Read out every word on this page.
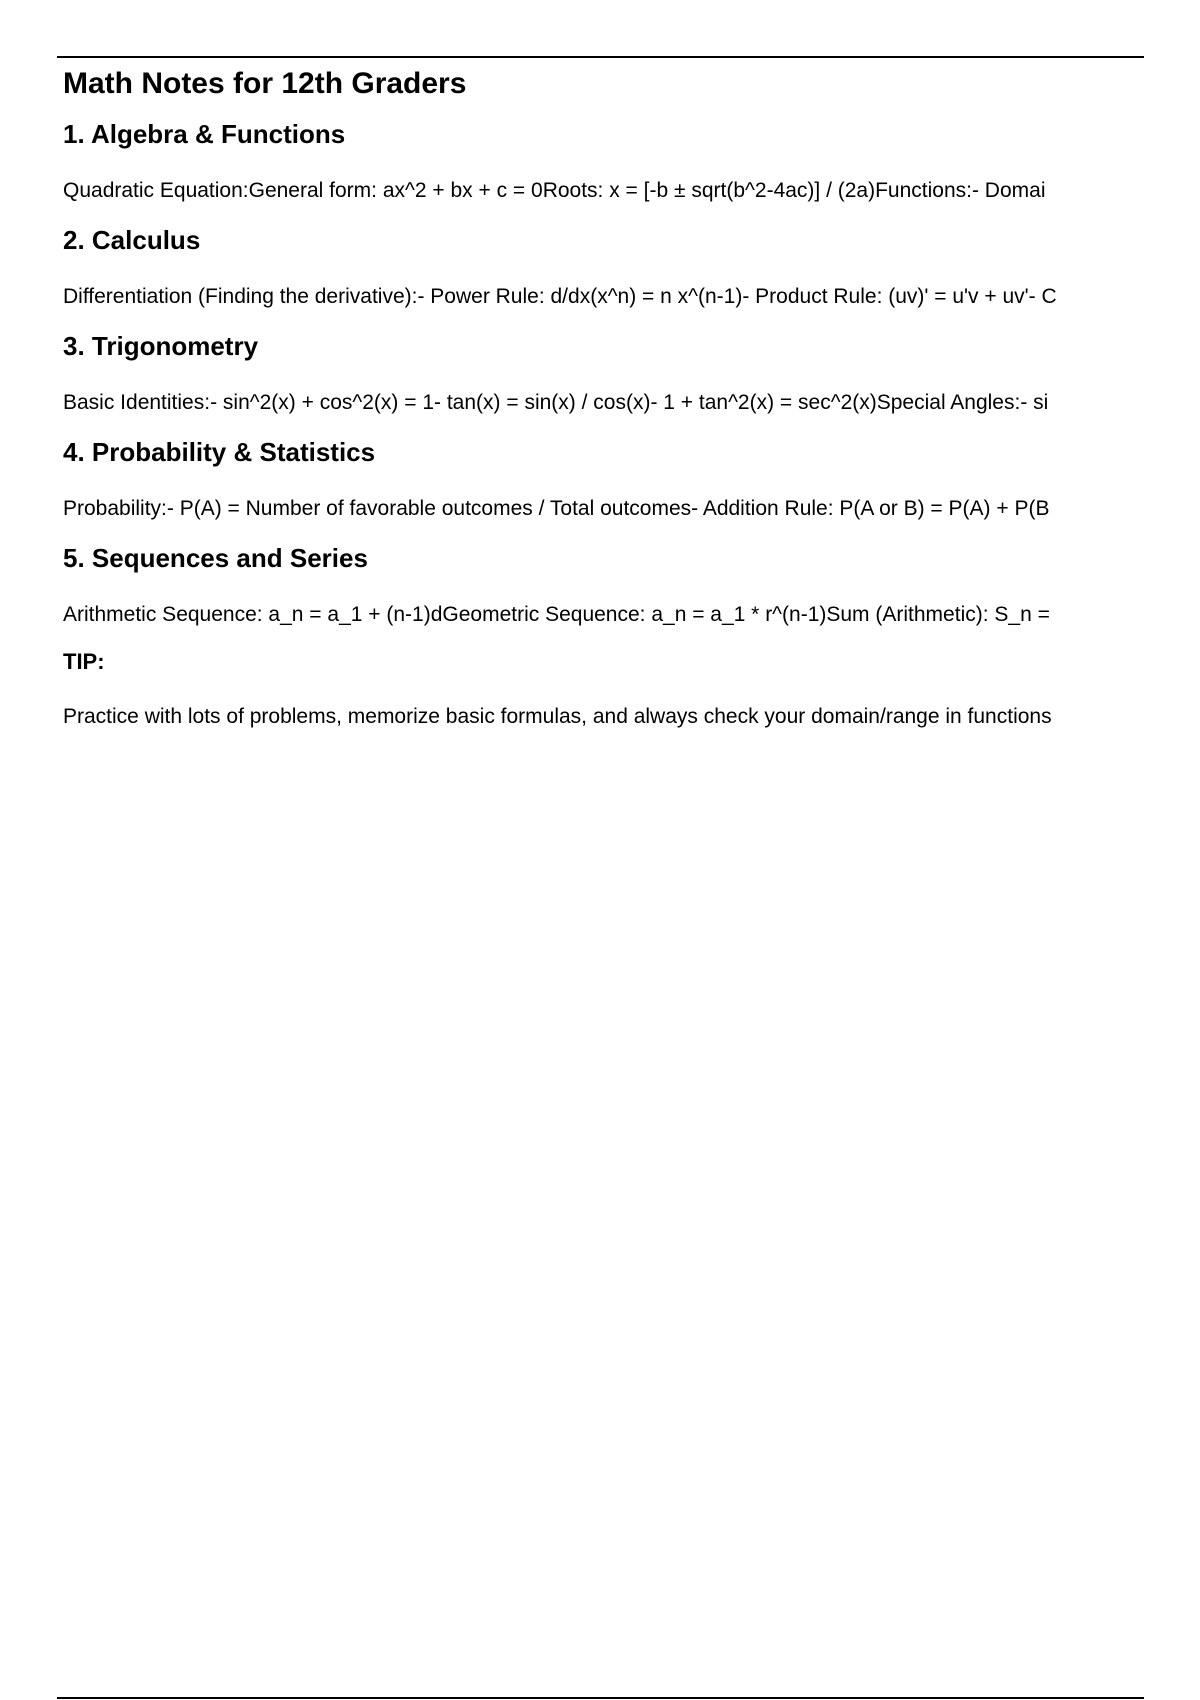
Math Notes for 12th Graders
1. Algebra & Functions

Quadratic Equation:General form: ax^2 + bx + c = 0Roots: x = [-b ± sqrt(b^2-4ac)] / (2a)Functions:- Domai

2. Calculus

Differentiation (Finding the derivative):- Power Rule: d/dx(x^n) = n x^(n-1)- Product Rule: (uv)' = u'v + uv'- C

3. Trigonometry

Basic Identities:- sin^2(x) + cos^2(x) = 1- tan(x) = sin(x) / cos(x)- 1 + tan^2(x) = sec^2(x)Special Angles:- si

4. Probability & Statistics

Probability:- P(A) = Number of favorable outcomes / Total outcomes- Addition Rule: P(A or B) = P(A) + P(B

5. Sequences and Series

Arithmetic Sequence: a_n = a_1 + (n-1)dGeometric Sequence: a_n = a_1 * r^(n-1)Sum (Arithmetic): S_n =

TIP:

Practice with lots of problems, memorize basic formulas, and always check your domain/range in functions
